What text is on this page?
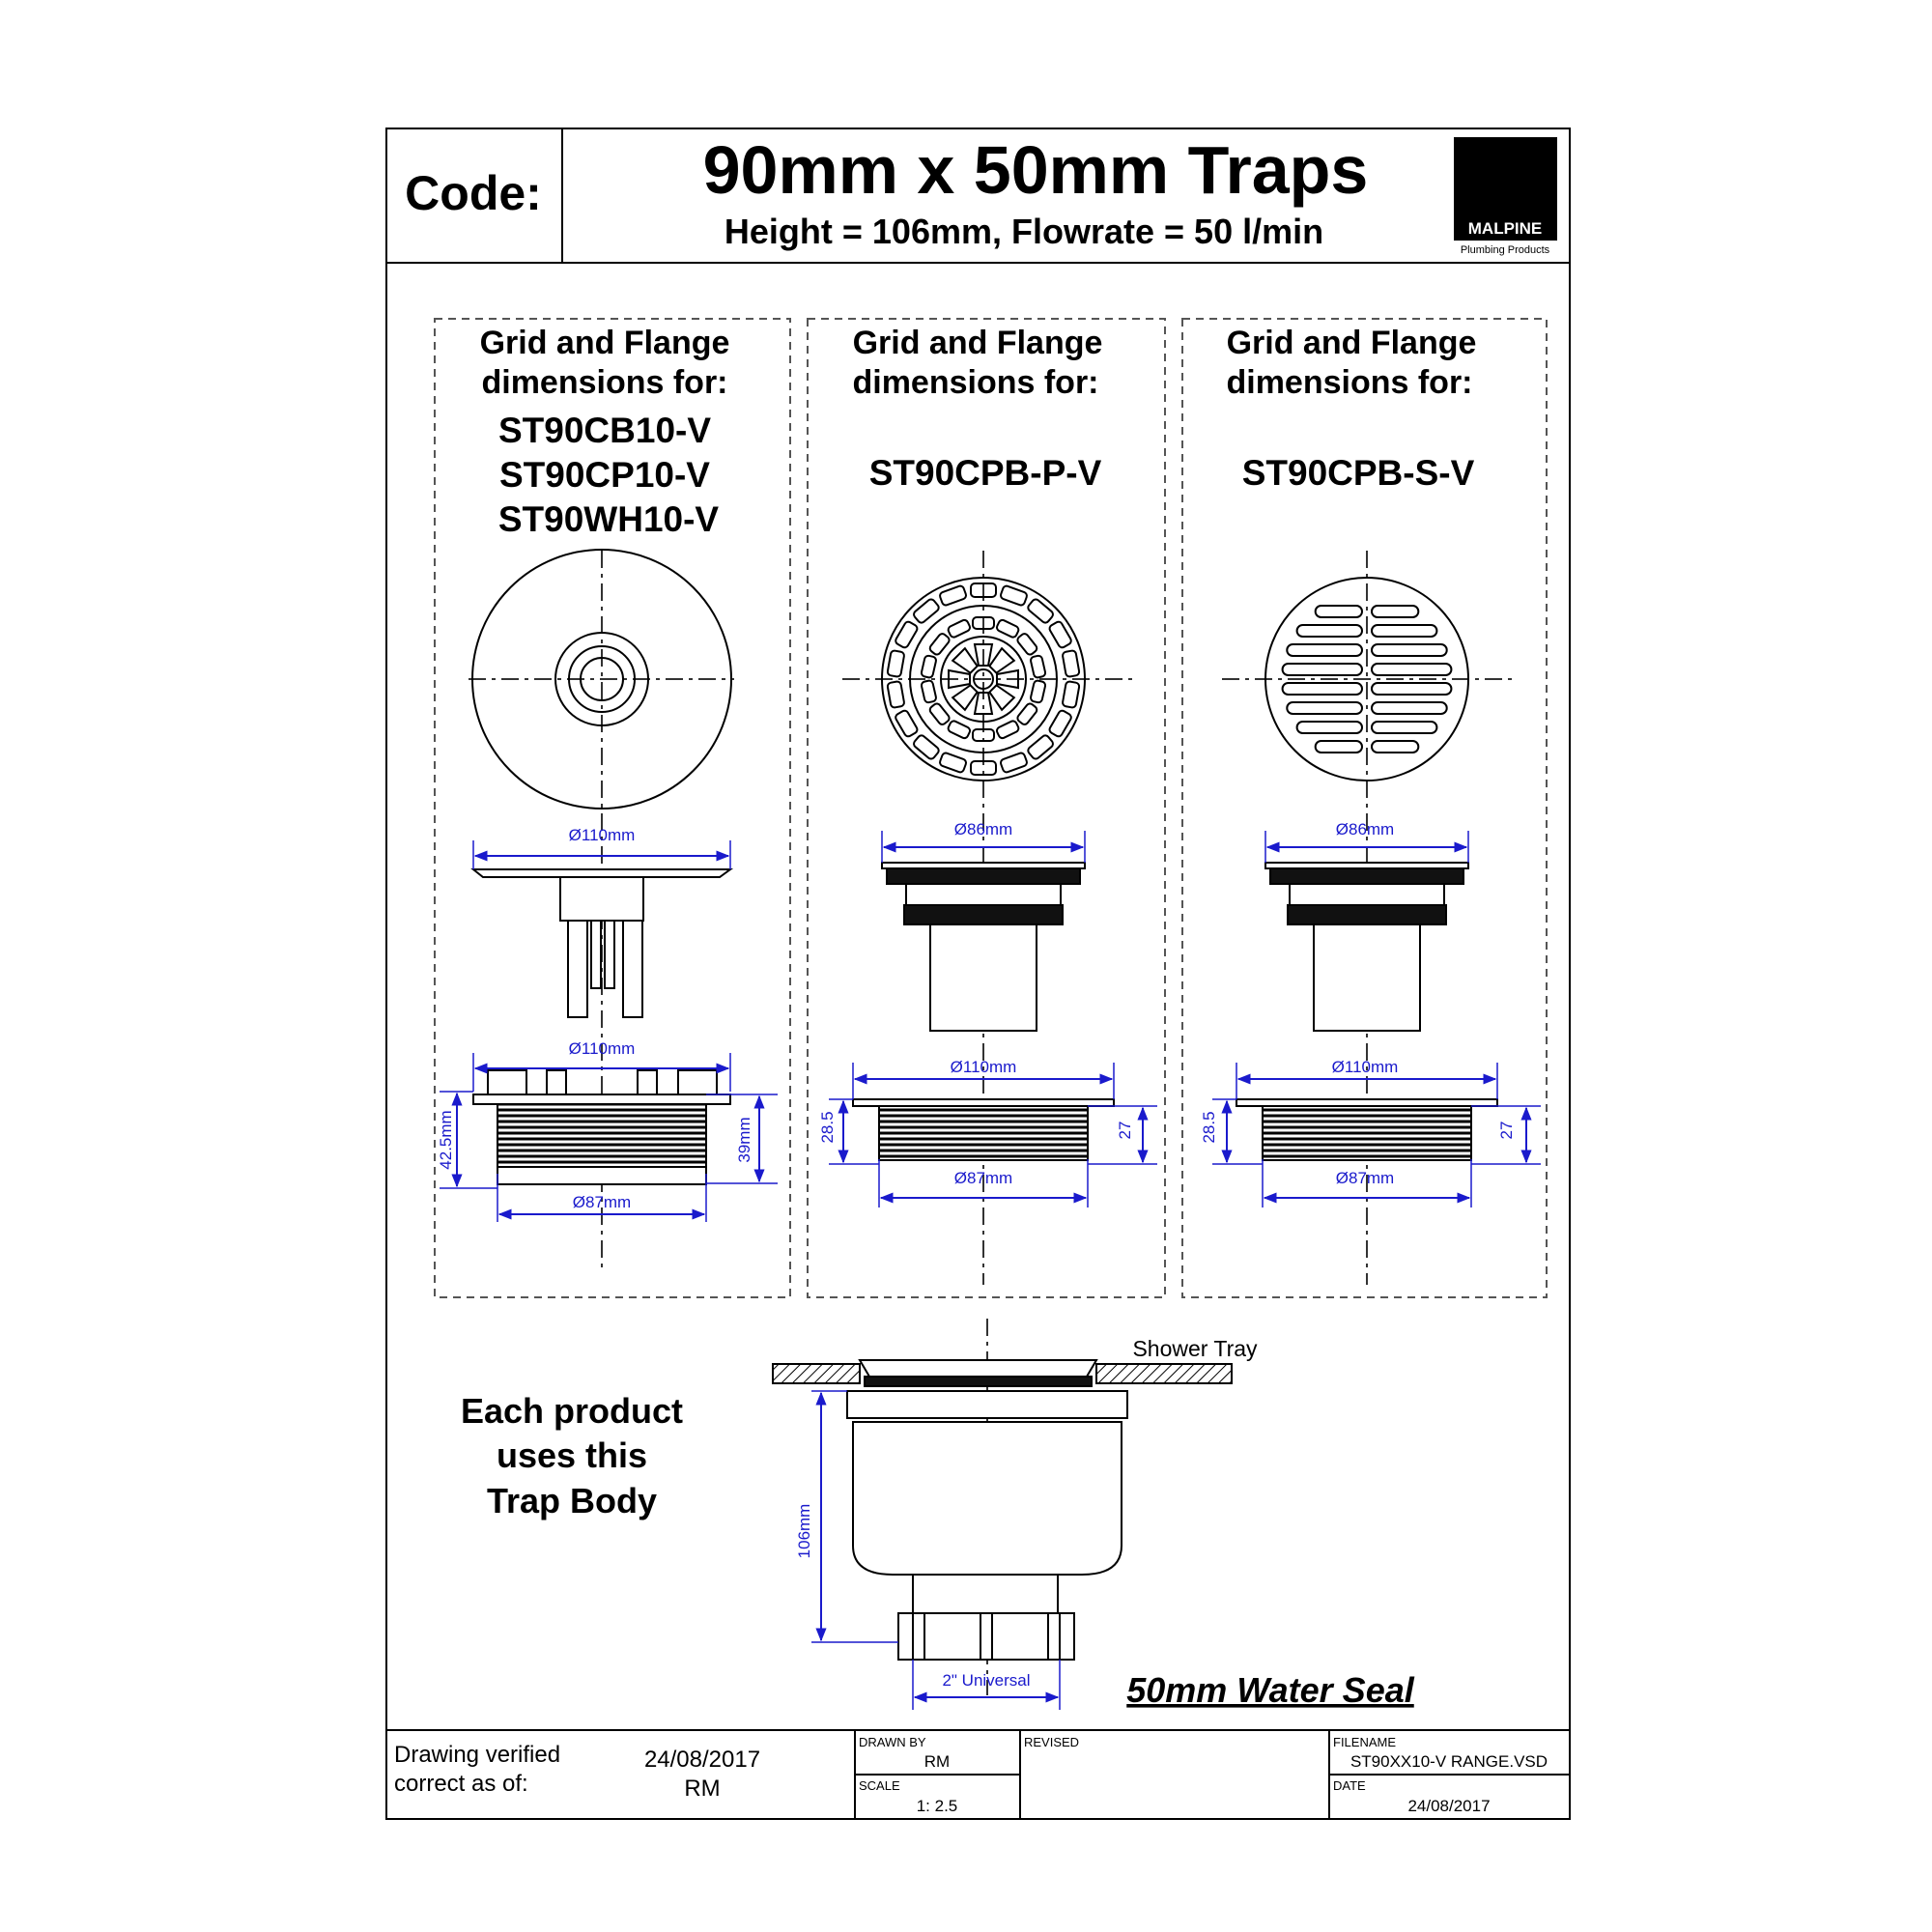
Code: 90mm x 50mm Traps
Height = 106mm, Flowrate = 50 l/min	MALPINE
Plumbing Products
Grid and Flange
dimensions for:
ST90CB10-V
ST90CP10-V
ST90WH10-V
Grid and Flange
dimensions for:
ST90CPB-P-V
Grid and Flange
dimensions for:
ST90CPB-S-V
Each product
uses this
Trap Body
Shower Tray
Ø110mm
Ø110mm
Ø87mm
42.5mm	39mm
Ø86mm
Ø110mm
Ø87mm
28.5	27
Ø86mm
Ø110mm
Ø87mm
28.5	27
106mm
2" Universal	50mm Water Seal
Drawing verified
correct as of:
24/08/2017
RM
DRAWN BY
RM
SCALE
1: 2.5
REVISED	FILENAME
ST90XX10-V RANGE.VSD
DATE
24/08/2017
